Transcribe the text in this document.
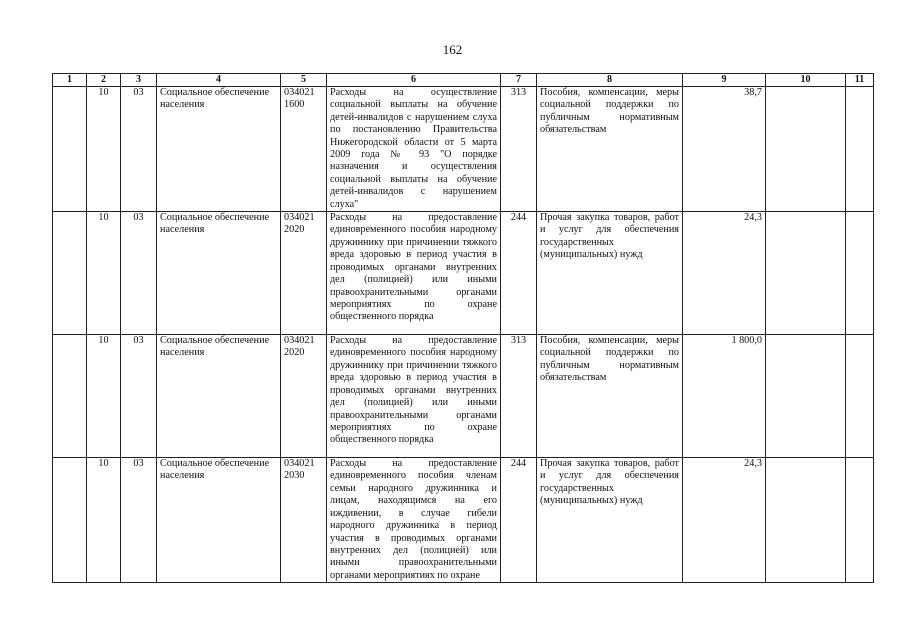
162
1	2	3	4	5	6	7	8	9	10	11
	10	03	Социальное обеспечение населения	034021 1600	Расходы на осуществление социальной выплаты на обучение детей-инвалидов с нарушением слуха по постановлению Правительства Нижегородской области от 5 марта 2009 года № 93 "О порядке назначения и осуществления социальной выплаты на обучение детей-инвалидов с нарушением слуха"	313	Пособия, компенсации, меры социальной поддержки по публичным нормативным обязательствам	38,7		
	10	03	Социальное обеспечение населения	034021 2020	Расходы на предоставление единовременного пособия народному дружиннику при причинении тяжкого вреда здоровью в период участия в проводимых органами внутренних дел (полицией) или иными правоохранительными органами мероприятиях по охране общественного порядка	244	Прочая закупка товаров, работ и услуг для обеспечения государственных (муниципальных) нужд	24,3		
	10	03	Социальное обеспечение населения	034021 2020	Расходы на предоставление единовременного пособия народному дружиннику при причинении тяжкого вреда здоровью в период участия в проводимых органами внутренних дел (полицией) или иными правоохранительными органами мероприятиях по охране общественного порядка	313	Пособия, компенсации, меры социальной поддержки по публичным нормативным обязательствам	1 800,0		
	10	03	Социальное обеспечение населения	034021 2030	Расходы на предоставление единовременного пособия членам семьи народного дружинника и лицам, находящимся на его иждивении, в случае гибели народного дружинника в период участия в проводимых органами внутренних дел (полицией) или иными правоохранительными органами мероприятиях по охране	244	Прочая закупка товаров, работ и услуг для обеспечения государственных (муниципальных) нужд	24,3		
